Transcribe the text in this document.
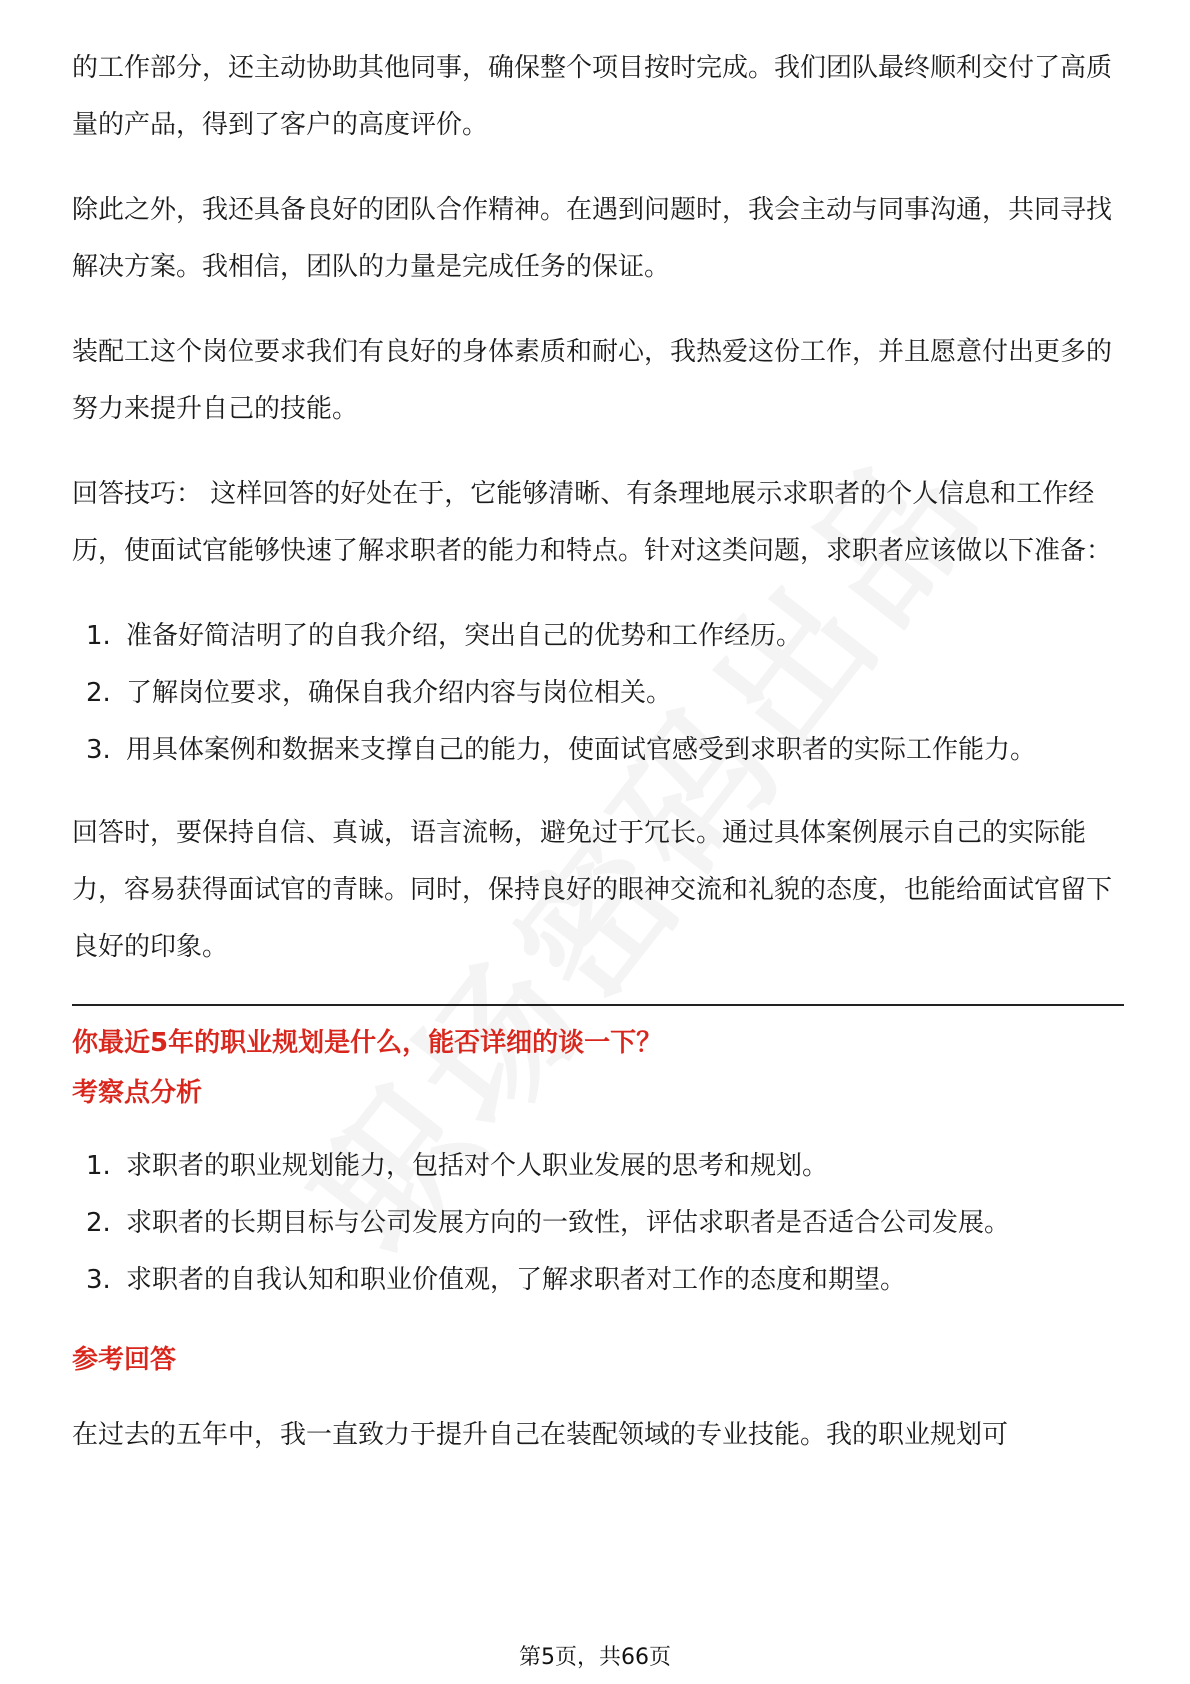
的工作部分，还主动协助其他同事，确保整个项目按时完成。我们团队最终顺利交付了高质量的产品，得到了客户的高度评价。

除此之外，我还具备良好的团队合作精神。在遇到问题时，我会主动与同事沟通，共同寻找解决方案。我相信，团队的力量是完成任务的保证。

装配工这个岗位要求我们有良好的身体素质和耐心，我热爱这份工作，并且愿意付出更多的努力来提升自己的技能。

回答技巧： 这样回答的好处在于，它能够清晰、有条理地展示求职者的个人信息和工作经历，使面试官能够快速了解求职者的能力和特点。针对这类问题，求职者应该做以下准备：

1. 准备好简洁明了的自我介绍，突出自己的优势和工作经历。
2. 了解岗位要求，确保自我介绍内容与岗位相关。
3. 用具体案例和数据来支撑自己的能力，使面试官感受到求职者的实际工作能力。

回答时，要保持自信、真诚，语言流畅，避免过于冗长。通过具体案例展示自己的实际能力，容易获得面试官的青睐。同时，保持良好的眼神交流和礼貌的态度，也能给面试官留下良好的印象。

你最近5年的职业规划是什么，能否详细的谈一下？
考察点分析
1. 求职者的职业规划能力，包括对个人职业发展的思考和规划。
2. 求职者的长期目标与公司发展方向的一致性，评估求职者是否适合公司发展。
3. 求职者的自我认知和职业价值观，了解求职者对工作的态度和期望。
参考回答

在过去的五年中，我一直致力于提升自己在装配领域的专业技能。我的职业规划可

第5页，共66页
